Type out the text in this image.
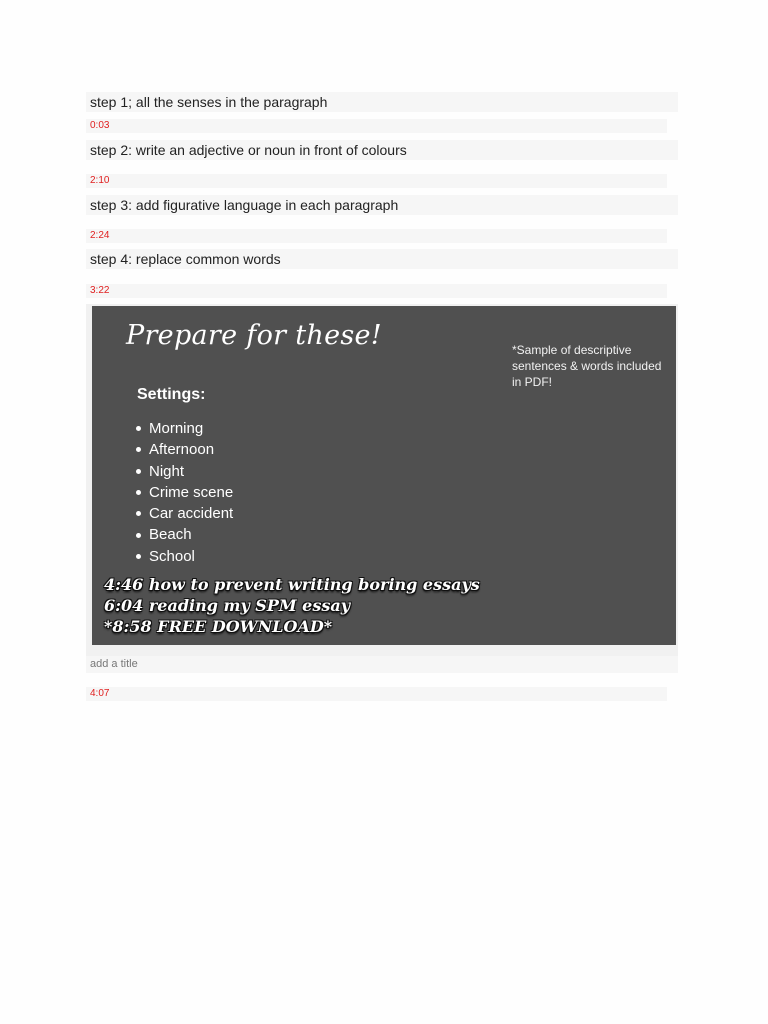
step 1; all the senses in the paragraph
0:03
step 2: write an adjective or noun in front of colours
2:10
step 3: add figurative language in each paragraph
2:24
step 4: replace common words
3:22
Prepare for these!	*Sample of descriptive sentences & words included in PDF!
Settings:
Morning
Afternoon
Night
Crime scene
Car accident
Beach
School
4:46 how to prevent writing boring essays
6:04 reading my SPM essay
*8:58 FREE DOWNLOAD*
add a title
4:07
